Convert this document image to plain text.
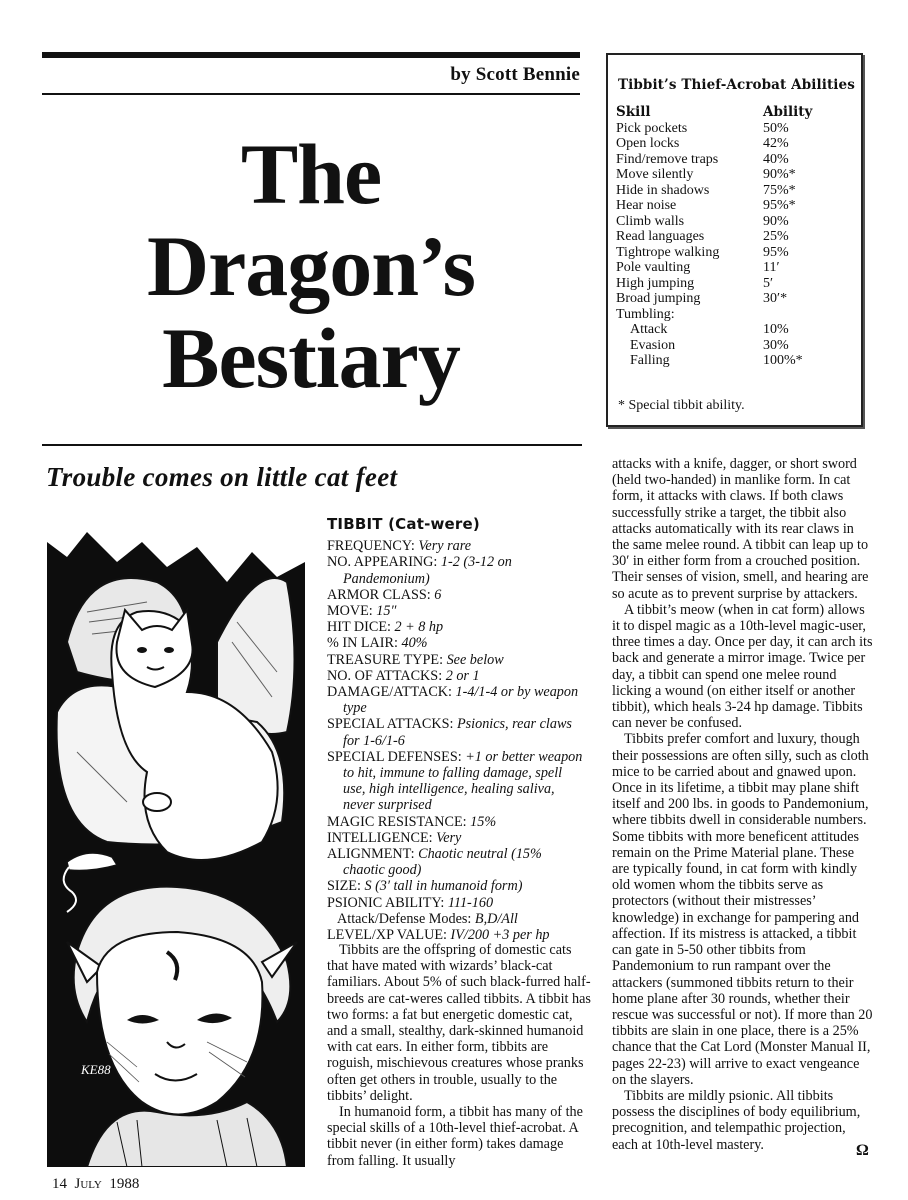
by Scott Bennie
The
Dragon’s
Bestiary
Trouble comes on little cat feet
Tibbit’s Thief-Acrobat Abilities
Skill	Ability
Pick pockets	50%
Open locks	42%
Find/remove traps	40%
Move silently	90%*
Hide in shadows	75%*
Hear noise	95%*
Climb walls	90%
Read languages	25%
Tightrope walking	95%
Pole vaulting	11′
High jumping	5′
Broad jumping	30′*
Tumbling:	
Attack	10%
Evasion	30%
Falling	100%*
* Special tibbit ability.
KE88
TIBBIT (Cat-were)
FREQUENCY: Very rare
NO. APPEARING: 1-2 (3-12 on Pandemonium)
ARMOR CLASS: 6
MOVE: 15″
HIT DICE: 2 + 8 hp
% IN LAIR: 40%
TREASURE TYPE: See below
NO. OF ATTACKS: 2 or 1
DAMAGE/ATTACK: 1-4/1-4 or by weapon type
SPECIAL ATTACKS: Psionics, rear claws for 1-6/1-6
SPECIAL DEFENSES: +1 or better weapon to hit, immune to falling damage, spell use, high intelligence, healing saliva, never surprised
MAGIC RESISTANCE: 15%
INTELLIGENCE: Very
ALIGNMENT: Chaotic neutral (15% chaotic good)
SIZE: S (3′ tall in humanoid form)
PSIONIC ABILITY: 111-160
Attack/Defense Modes: B,D/All
LEVEL/XP VALUE: IV/200 +3 per hp

Tibbits are the offspring of domestic cats that have mated with wizards’ black-cat familiars. About 5% of such black-furred half-breeds are cat-weres called tibbits. A tibbit has two forms: a fat but energetic domestic cat, and a small, stealthy, dark-skinned humanoid with cat ears. In either form, tibbits are roguish, mischievous creatures whose pranks often get others in trouble, usually to the tibbits’ delight.

In humanoid form, a tibbit has many of the special skills of a 10th-level thief-acrobat. A tibbit never (in either form) takes damage from falling. It usually

attacks with a knife, dagger, or short sword (held two-handed) in manlike form. In cat form, it attacks with claws. If both claws successfully strike a target, the tibbit also attacks automatically with its rear claws in the same melee round. A tibbit can leap up to 30′ in either form from a crouched position. Their senses of vision, smell, and hearing are so acute as to prevent surprise by attackers.

A tibbit’s meow (when in cat form) allows it to dispel magic as a 10th-level magic-user, three times a day. Once per day, it can arch its back and generate a mirror image. Twice per day, a tibbit can spend one melee round licking a wound (on either itself or another tibbit), which heals 3-24 hp damage. Tibbits can never be confused.

Tibbits prefer comfort and luxury, though their possessions are often silly, such as cloth mice to be carried about and gnawed upon. Once in its lifetime, a tibbit may plane shift itself and 200 lbs. in goods to Pandemonium, where tibbits dwell in considerable numbers. Some tibbits with more beneficent attitudes remain on the Prime Material plane. These are typically found, in cat form with kindly old women whom the tibbits serve as protectors (without their mistresses’ knowledge) in exchange for pampering and affection. If its mistress is attacked, a tibbit can gate in 5-50 other tibbits from Pandemonium to run rampant over the attackers (summoned tibbits return to their home plane after 30 rounds, whether their rescue was successful or not). If more than 20 tibbits are slain in one place, there is a 25% chance that the Cat Lord (Monster Manual II, pages 22-23) will arrive to exact vengeance on the slayers.

Tibbits are mildly psionic. All tibbits possess the disciplines of body equilibrium, precognition, and telempathic projection, each at 10th-level mastery.	Ω
14 July 1988
